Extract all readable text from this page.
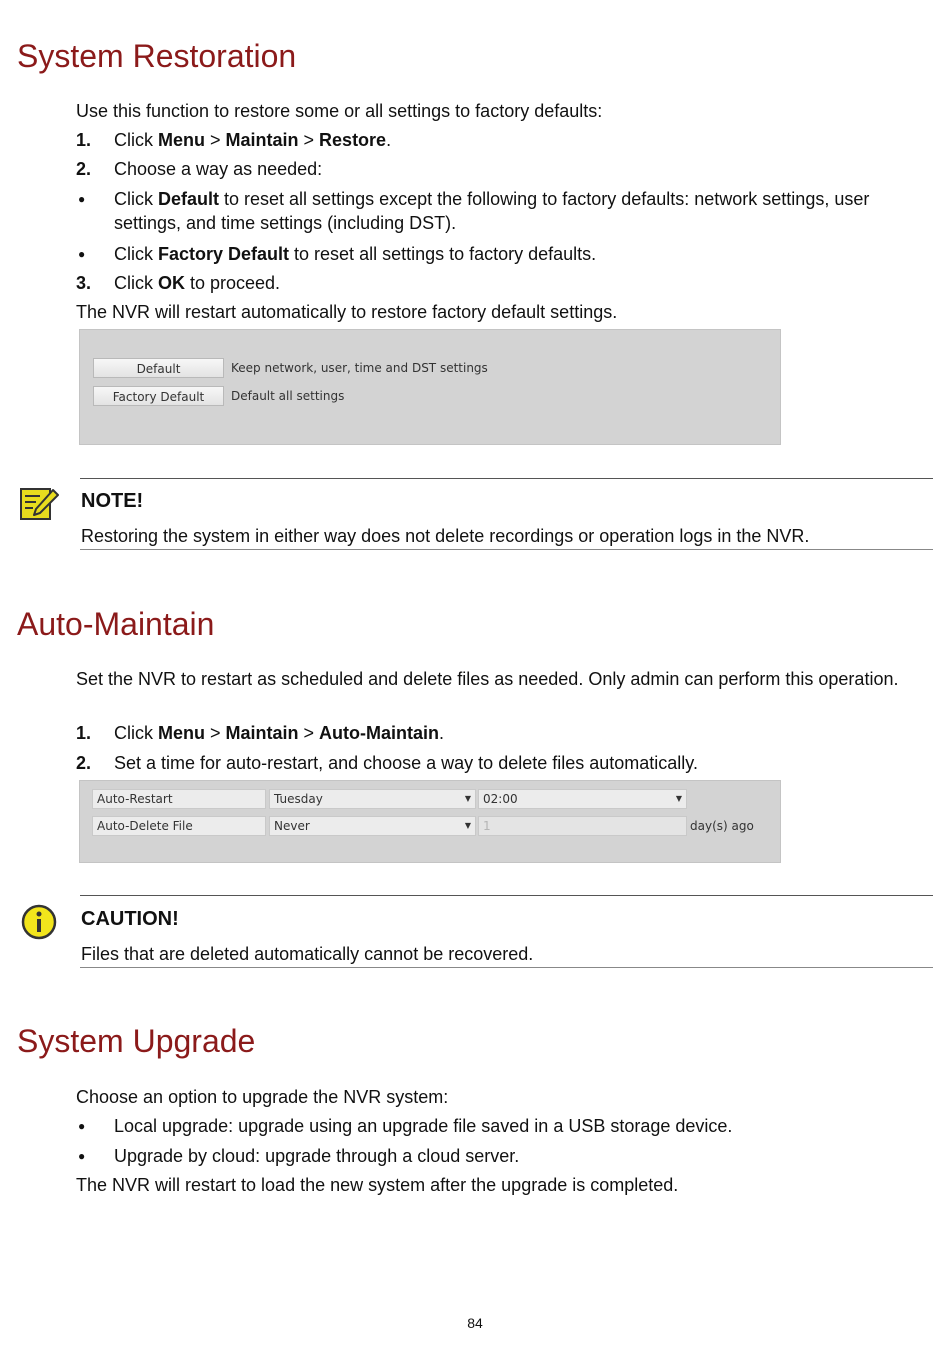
System Restoration
Use this function to restore some or all settings to factory defaults:
1. Click Menu > Maintain > Restore.
2. Choose a way as needed:
● Click Default to reset all settings except the following to factory defaults: network settings, user settings, and time settings (including DST).
● Click Factory Default to reset all settings to factory defaults.
3. Click OK to proceed.
The NVR will restart automatically to restore factory default settings.
Default	Keep network, user, time and DST settings
Factory Default	Default all settings
NOTE!
Restoring the system in either way does not delete recordings or operation logs in the NVR.
Auto-Maintain
Set the NVR to restart as scheduled and delete files as needed. Only admin can perform this operation.
1. Click Menu > Maintain > Auto-Maintain.
2. Set a time for auto-restart, and choose a way to delete files automatically.
Auto-Restart	Tuesday	▼	02:00	▼
Auto-Delete File	Never	▼	1	day(s) ago
CAUTION!
Files that are deleted automatically cannot be recovered.
System Upgrade
Choose an option to upgrade the NVR system:
● Local upgrade: upgrade using an upgrade file saved in a USB storage device.
● Upgrade by cloud: upgrade through a cloud server.
The NVR will restart to load the new system after the upgrade is completed.
84
